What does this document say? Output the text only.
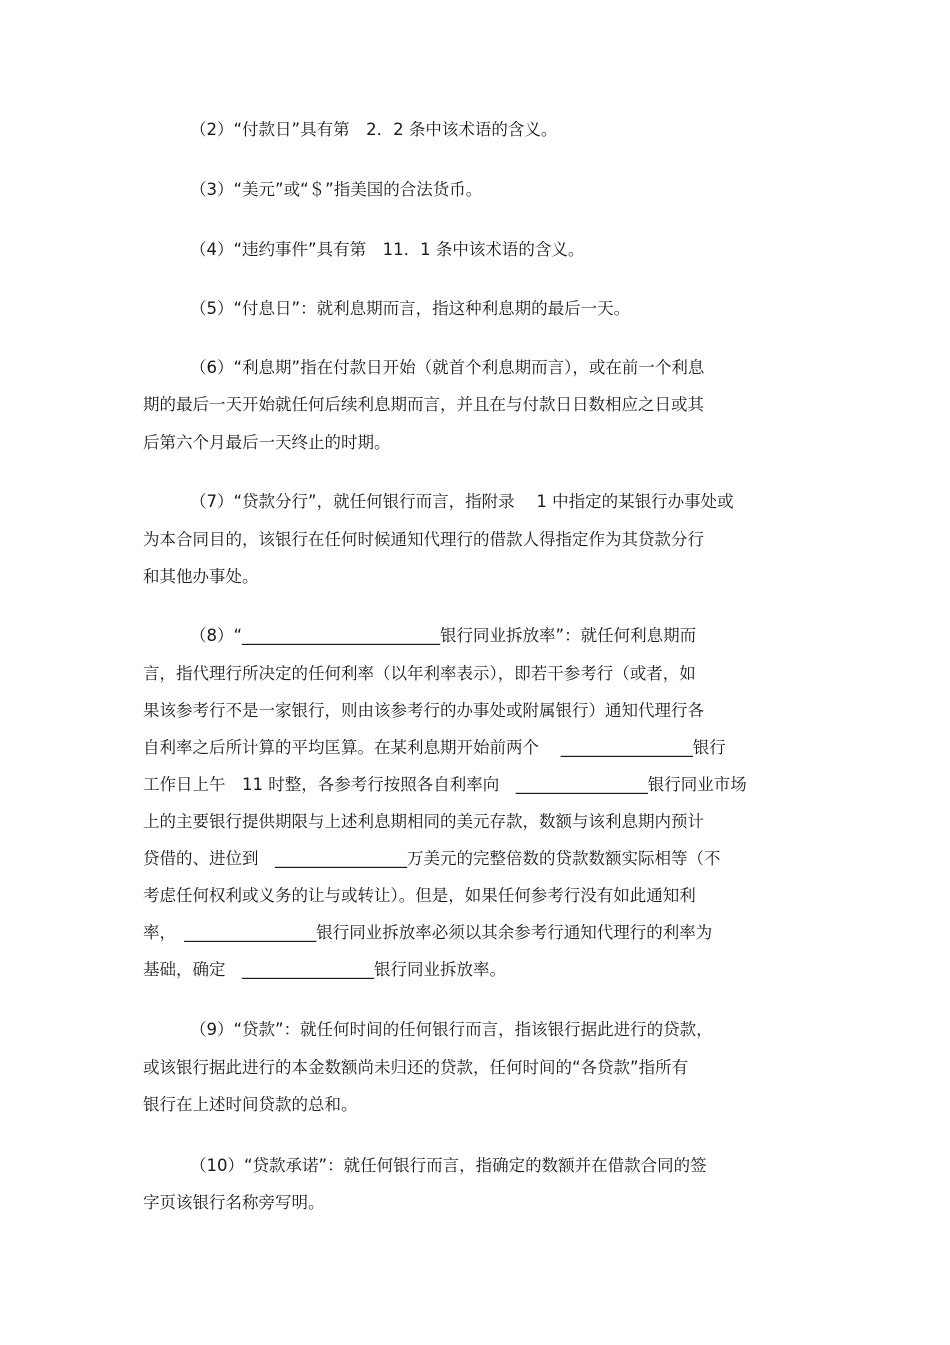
（2）“付款日”具有第　2．2 条中该术语的含义。
（3）“美元”或“＄”指美国的合法货币。
（4）“违约事件”具有第　11．1 条中该术语的含义。
（5）“付息日”：就利息期而言，指这种利息期的最后一天。
（6）“利息期”指在付款日开始（就首个利息期而言），或在前一个利息
期的最后一天开始就任何后续利息期而言，并且在与付款日日数相应之日或其
后第六个月最后一天终止的时期。
（7）“贷款分行”，就任何银行而言，指附录　 1 中指定的某银行办事处或
为本合同目的，该银行在任何时候通知代理行的借款人得指定作为其贷款分行
和其他办事处。
（8）“________________________银行同业拆放率”：就任何利息期而
言，指代理行所决定的任何利率（以年利率表示），即若干参考行（或者，如
果该参考行不是一家银行，则由该参考行的办事处或附属银行）通知代理行各
自利率之后所计算的平均匡算。在某利息期开始前两个　 ________________银行
工作日上午　11 时整，各参考行按照各自利率向　________________银行同业市场
上的主要银行提供期限与上述利息期相同的美元存款，数额与该利息期内预计
贷借的、进位到　________________万美元的完整倍数的贷款数额实际相等（不
考虑任何权利或义务的让与或转让）。但是，如果任何参考行没有如此通知利
率，　________________银行同业拆放率必须以其余参考行通知代理行的利率为
基础，确定　________________银行同业拆放率。
（9）“贷款”：就任何时间的任何银行而言，指该银行据此进行的贷款，
或该银行据此进行的本金数额尚未归还的贷款，任何时间的“各贷款”指所有
银行在上述时间贷款的总和。
（10）“贷款承诺”：就任何银行而言，指确定的数额并在借款合同的签
字页该银行名称旁写明。
